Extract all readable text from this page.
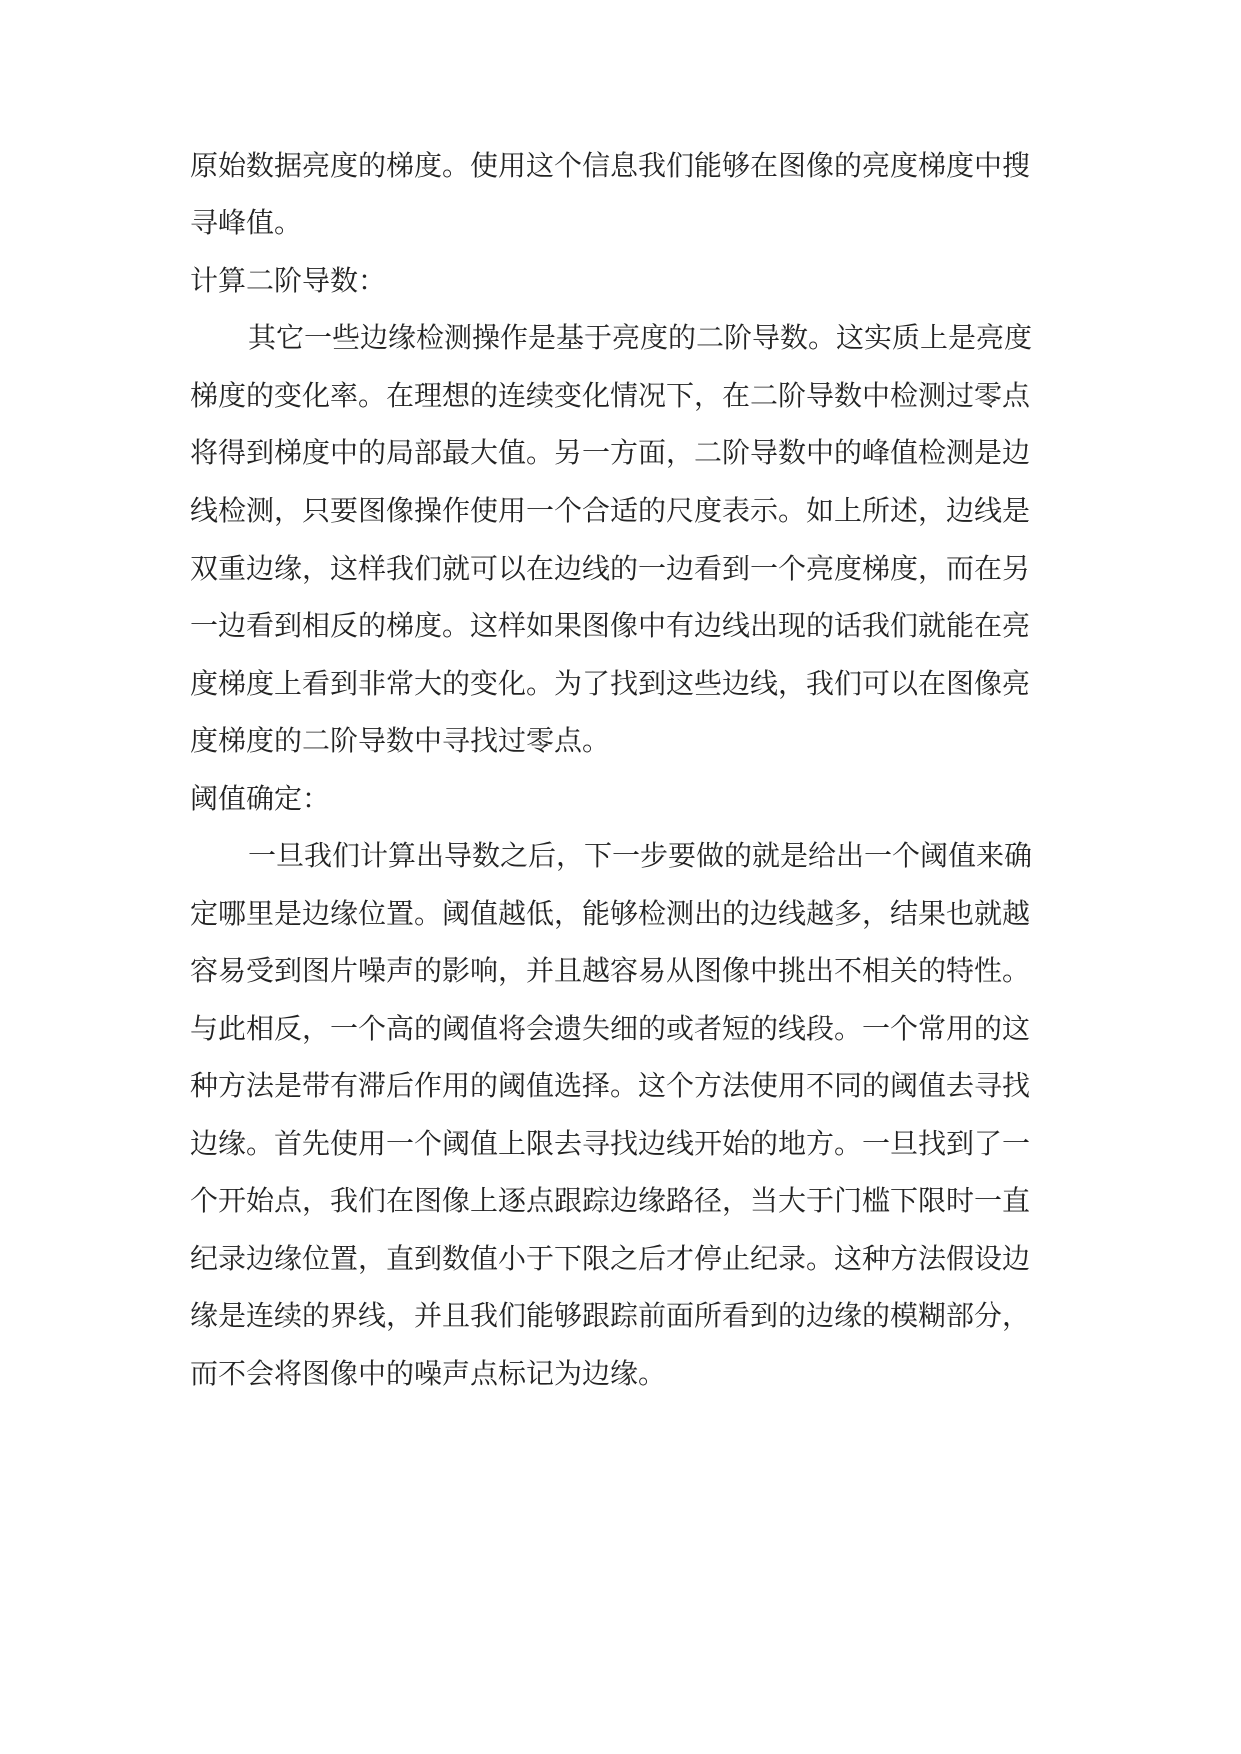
原始数据亮度的梯度。使用这个信息我们能够在图像的亮度梯度中搜

寻峰值。

计算二阶导数：

其它一些边缘检测操作是基于亮度的二阶导数。这实质上是亮度

梯度的变化率。在理想的连续变化情况下，在二阶导数中检测过零点

将得到梯度中的局部最大值。另一方面，二阶导数中的峰值检测是边

线检测，只要图像操作使用一个合适的尺度表示。如上所述，边线是

双重边缘，这样我们就可以在边线的一边看到一个亮度梯度，而在另

一边看到相反的梯度。这样如果图像中有边线出现的话我们就能在亮

度梯度上看到非常大的变化。为了找到这些边线，我们可以在图像亮

度梯度的二阶导数中寻找过零点。

阈值确定：

一旦我们计算出导数之后，下一步要做的就是给出一个阈值来确

定哪里是边缘位置。阈值越低，能够检测出的边线越多，结果也就越

容易受到图片噪声的影响，并且越容易从图像中挑出不相关的特性。

与此相反，一个高的阈值将会遗失细的或者短的线段。一个常用的这

种方法是带有滞后作用的阈值选择。这个方法使用不同的阈值去寻找

边缘。首先使用一个阈值上限去寻找边线开始的地方。一旦找到了一

个开始点，我们在图像上逐点跟踪边缘路径，当大于门槛下限时一直

纪录边缘位置，直到数值小于下限之后才停止纪录。这种方法假设边

缘是连续的界线，并且我们能够跟踪前面所看到的边缘的模糊部分，

而不会将图像中的噪声点标记为边缘。
